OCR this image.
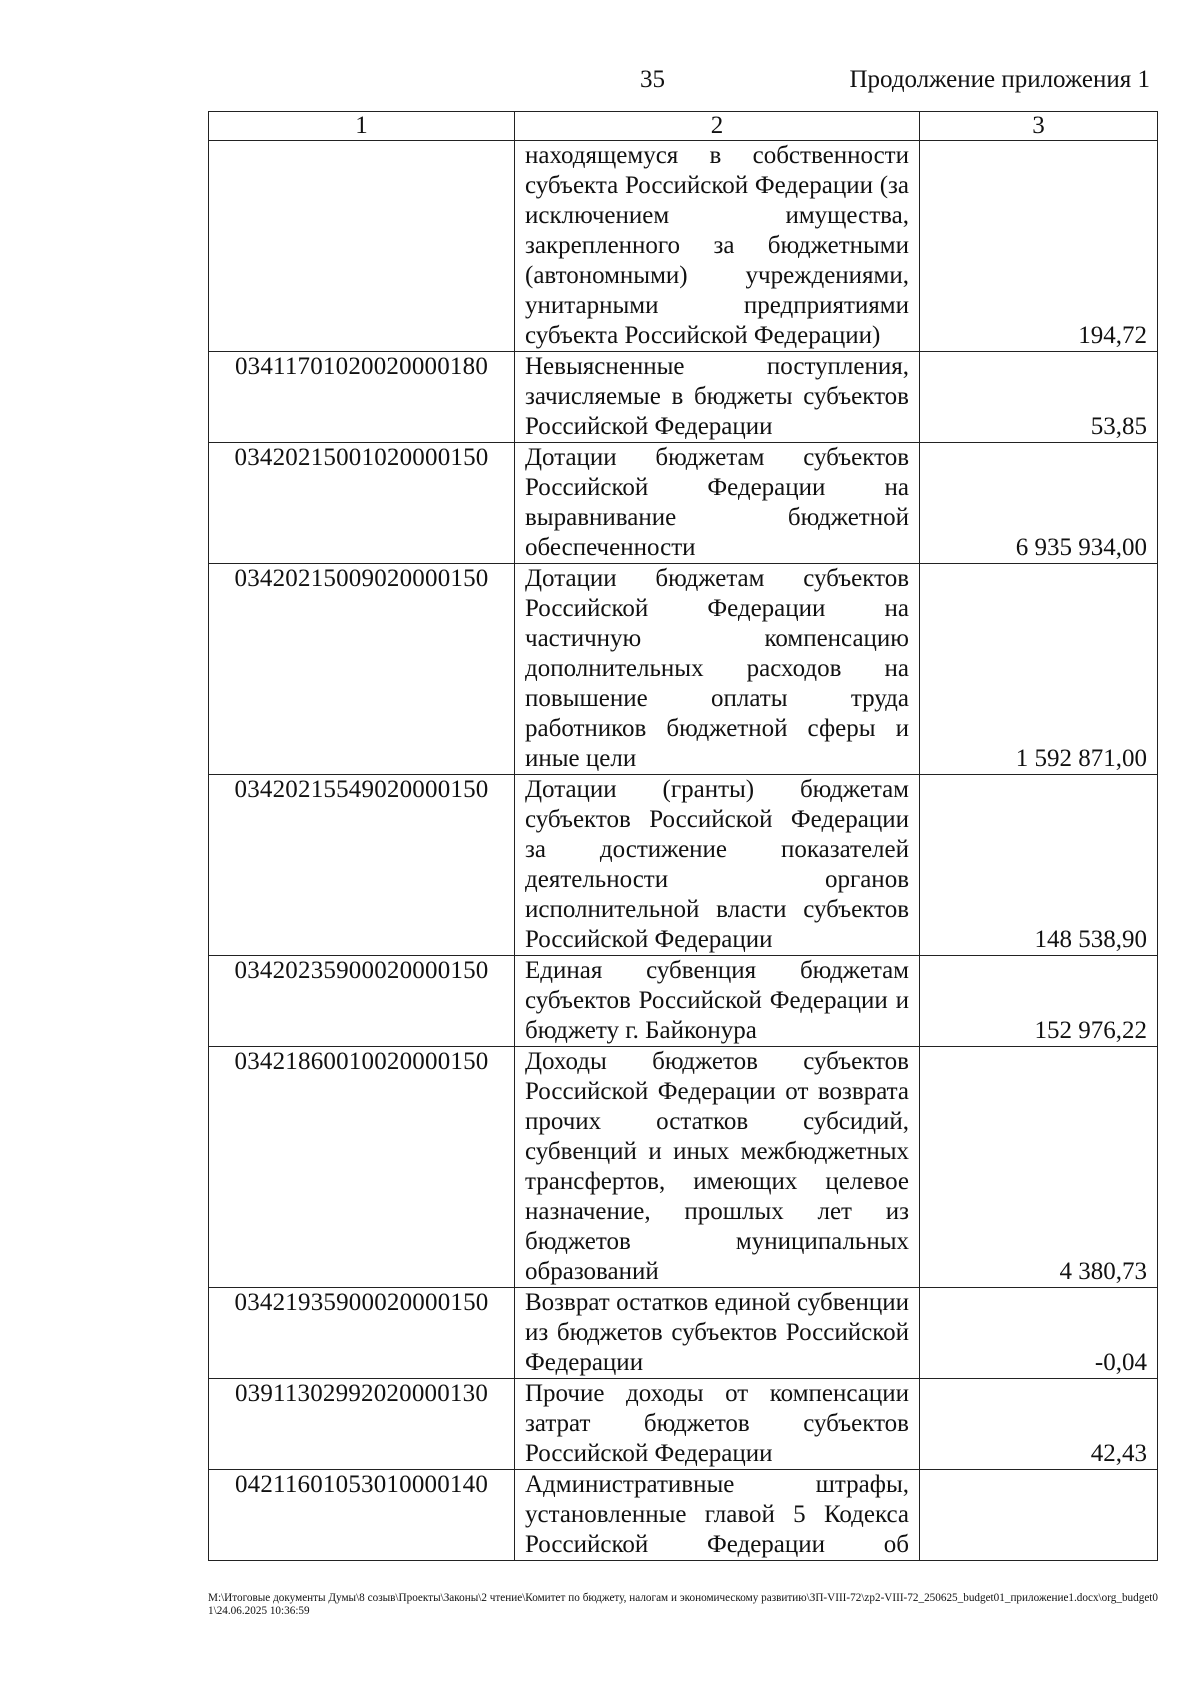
35	Продолжение приложения 1
1	2	3
	находящемуся в собственности субъекта Российской Федерации (за исключением имущества, закрепленного за бюджетными (автономными) учреждениями, унитарными предприятиями субъекта Российской Федерации)	194,72
03411701020020000180	Невыясненные поступления, зачисляемые в бюджеты субъектов Российской Федерации	53,85
03420215001020000150	Дотации бюджетам субъектов Российской Федерации на выравнивание бюджетной обеспеченности	6 935 934,00
03420215009020000150	Дотации бюджетам субъектов Российской Федерации на частичную компенсацию дополнительных расходов на повышение оплаты труда работников бюджетной сферы и иные цели	1 592 871,00
03420215549020000150	Дотации (гранты) бюджетам субъектов Российской Федерации за достижение показателей деятельности органов исполнительной власти субъектов Российской Федерации	148 538,90
03420235900020000150	Единая субвенция бюджетам субъектов Российской Федерации и бюджету г. Байконура	152 976,22
03421860010020000150	Доходы бюджетов субъектов Российской Федерации от возврата прочих остатков субсидий, субвенций и иных межбюджетных трансфертов, имеющих целевое назначение, прошлых лет из бюджетов муниципальных образований	4 380,73
03421935900020000150	Возврат остатков единой субвенции из бюджетов субъектов Российской Федерации	-0,04
03911302992020000130	Прочие доходы от компенсации затрат бюджетов субъектов Российской Федерации	42,43
04211601053010000140	Административные штрафы, установленные главой 5 Кодекса Российской Федерации об	
M:\Итоговые документы Думы\8 созыв\Проекты\Законы\2 чтение\Комитет по бюджету, налогам и экономическому развитию\ЗП-VIII-72\zp2-VIII-72_250625_budget01_приложение1.docx\org_budget01\24.06.2025 10:36:59
